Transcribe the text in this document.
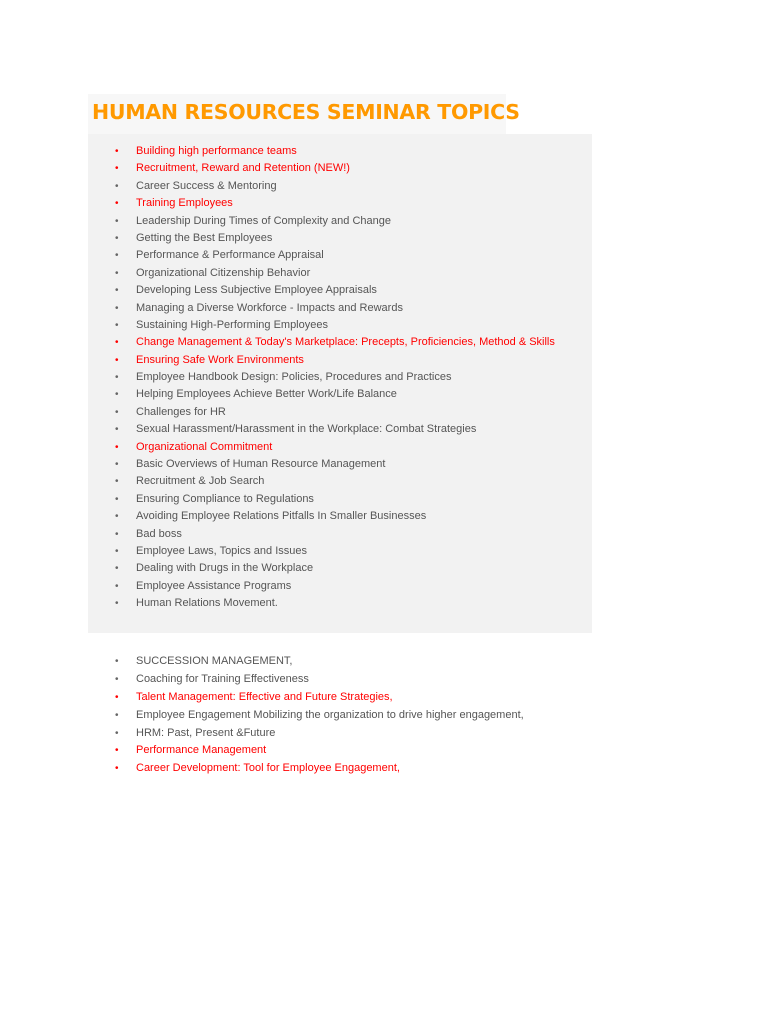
HUMAN RESOURCES SEMINAR TOPICS
• Building high performance teams
• Recruitment, Reward and Retention (NEW!)
• Career Success & Mentoring
• Training Employees
• Leadership During Times of Complexity and Change
• Getting the Best Employees
• Performance & Performance Appraisal
• Organizational Citizenship Behavior
• Developing Less Subjective Employee Appraisals
• Managing a Diverse Workforce - Impacts and Rewards
• Sustaining High-Performing Employees
• Change Management & Today's Marketplace: Precepts, Proficiencies, Method & Skills
• Ensuring Safe Work Environments
• Employee Handbook Design: Policies, Procedures and Practices
• Helping Employees Achieve Better Work/Life Balance
• Challenges for HR
• Sexual Harassment/Harassment in the Workplace: Combat Strategies
• Organizational Commitment
• Basic Overviews of Human Resource Management
• Recruitment & Job Search
• Ensuring Compliance to Regulations
• Avoiding Employee Relations Pitfalls In Smaller Businesses
• Bad boss
• Employee Laws, Topics and Issues
• Dealing with Drugs in the Workplace
• Employee Assistance Programs
• Human Relations Movement.
• SUCCESSION MANAGEMENT,
• Coaching for Training Effectiveness
• Talent Management: Effective and Future Strategies,
• Employee Engagement Mobilizing the organization to drive higher engagement,
• HRM: Past, Present &Future
• Performance Management
• Career Development: Tool for Employee Engagement,
